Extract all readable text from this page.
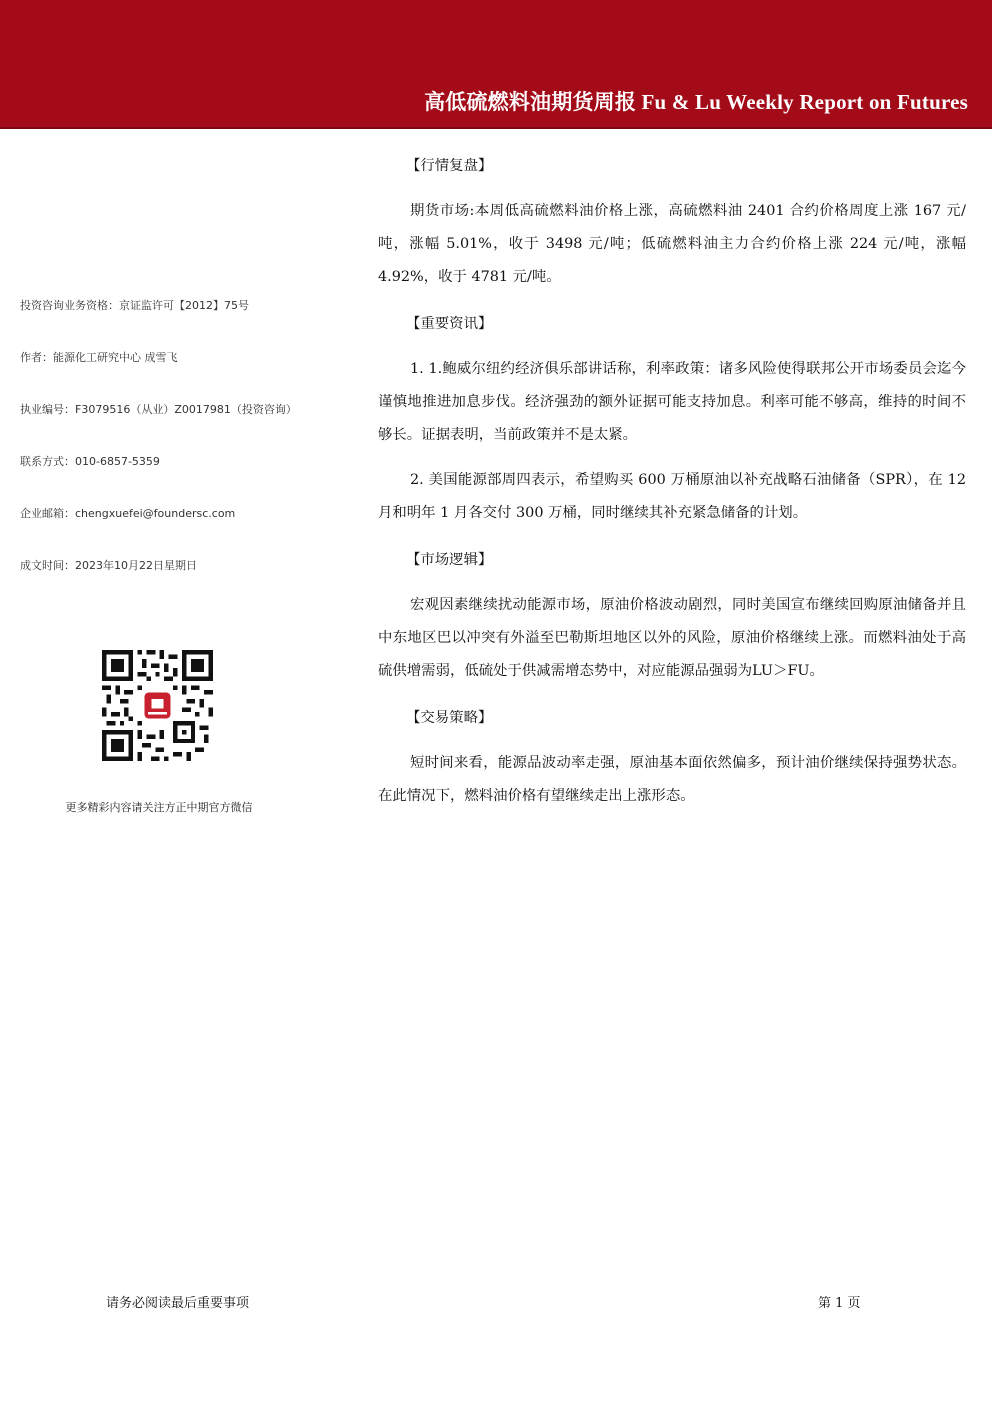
高低硫燃料油期货周报 Fu & Lu Weekly Report on Futures
投资咨询业务资格：京证监许可【2012】75号
作者：能源化工研究中心 成雪飞
执业编号：F3079516（从业）Z0017981（投资咨询）
联系方式：010-6857-5359
企业邮箱：chengxuefei@foundersc.com
成文时间：2023年10月22日星期日
更多精彩内容请关注方正中期官方微信
【行情复盘】

期货市场:本周低高硫燃料油价格上涨，高硫燃料油 2401 合约价格周度上涨 167 元/吨，涨幅 5.01%，收于 3498 元/吨；低硫燃料油主力合约价格上涨 224 元/吨，涨幅 4.92%，收于 4781 元/吨。

【重要资讯】

1. 1.鲍威尔纽约经济俱乐部讲话称，利率政策：诸多风险使得联邦公开市场委员会迄今谨慎地推进加息步伐。经济强劲的额外证据可能支持加息。利率可能不够高，维持的时间不够长。证据表明，当前政策并不是太紧。

2. 美国能源部周四表示，希望购买 600 万桶原油以补充战略石油储备（SPR），在 12 月和明年 1 月各交付 300 万桶，同时继续其补充紧急储备的计划。

【市场逻辑】

宏观因素继续扰动能源市场，原油价格波动剧烈，同时美国宣布继续回购原油储备并且中东地区巴以冲突有外溢至巴勒斯坦地区以外的风险，原油价格继续上涨。而燃料油处于高硫供增需弱，低硫处于供减需增态势中，对应能源品强弱为LU＞FU。

【交易策略】

短时间来看，能源品波动率走强，原油基本面依然偏多，预计油价继续保持强势状态。在此情况下，燃料油价格有望继续走出上涨形态。

请务必阅读最后重要事项	第 1 页
